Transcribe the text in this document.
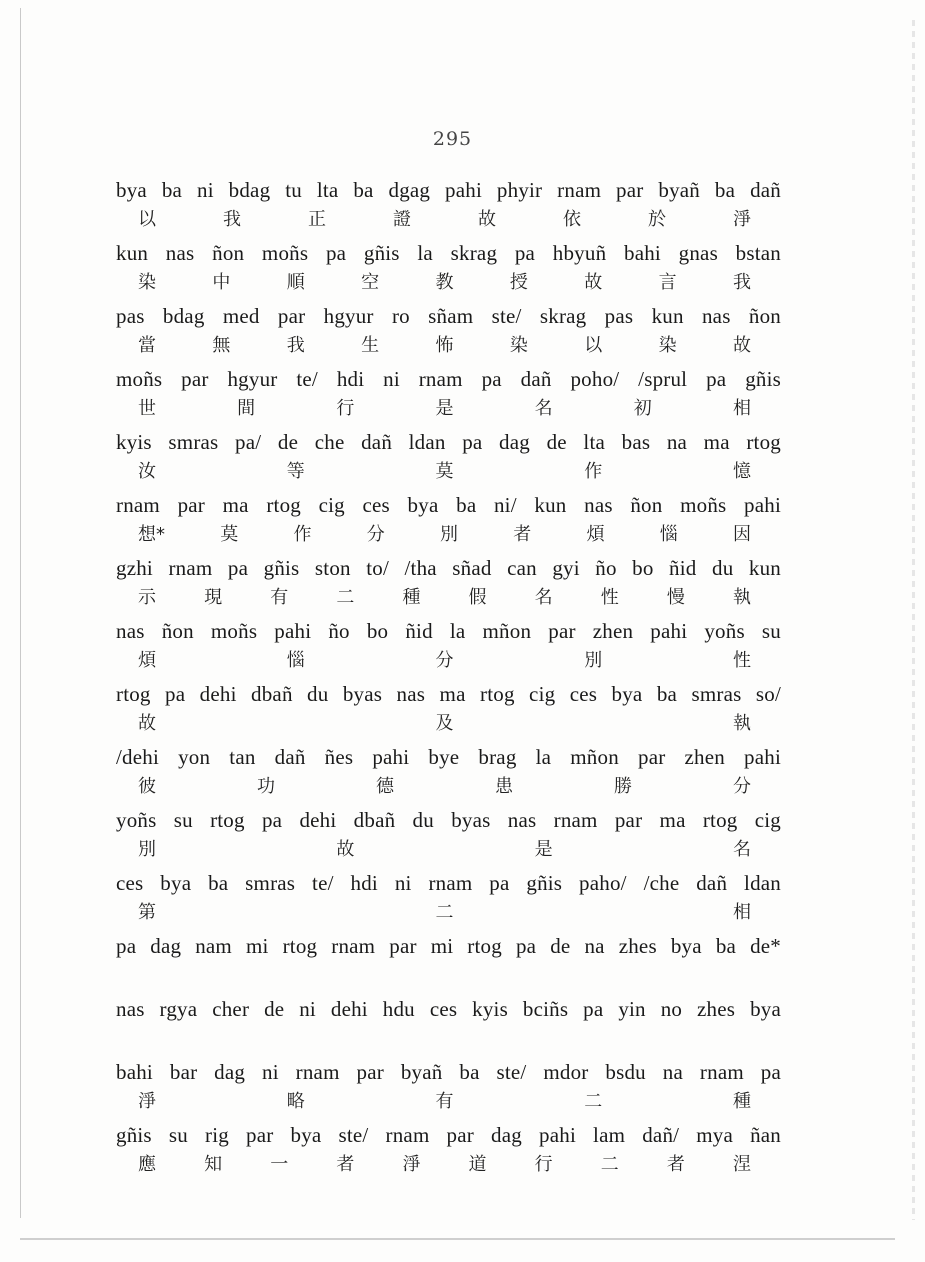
295
bya ba ni bdag tu lta ba dgag pahi phyir rnam par byañ ba dañ
以	我	正	證	故	依	於	淨
kun nas ñon moñs pa gñis la skrag pa hbyuñ bahi gnas bstan
染	中	順	空	教	授	故	言	我
pas bdag med par hgyur ro sñam ste/ skrag pas kun nas ñon
當	無	我	生	怖	染	以	染	故
moñs par hgyur te/ hdi ni rnam pa dañ poho/ /sprul pa gñis
世	間	行	是	名	初	相
kyis smras pa/ de che dañ ldan pa dag de lta bas na ma rtog
汝	等	莫	作	憶
rnam par ma rtog cig ces bya ba ni/ kun nas ñon moñs pahi
想*	莫	作	分	別	者	煩	惱	因
gzhi rnam pa gñis ston to/ /tha sñad can gyi ño bo ñid du kun
示	現	有	二	種	假	名	性	慢	執
nas ñon moñs pahi ño bo ñid la mñon par zhen pahi yoñs su
煩	惱	分	別	性
rtog pa dehi dbañ du byas nas ma rtog cig ces bya ba smras so/
故	及	執
/dehi yon tan dañ ñes pahi bye brag la mñon par zhen pahi
彼	功	德	患	勝	分
yoñs su rtog pa dehi dbañ du byas nas rnam par ma rtog cig
別	故	是	名
ces bya ba smras te/ hdi ni rnam pa gñis paho/ /che dañ ldan
第	二	相
pa dag nam mi rtog rnam par mi rtog pa de na zhes bya ba de*
nas rgya cher de ni dehi hdu ces kyis bciñs pa yin no zhes bya
bahi bar dag ni rnam par byañ ba ste/ mdor bsdu na rnam pa
淨	略	有	二	種
gñis su rig par bya ste/ rnam par dag pahi lam dañ/ mya ñan
應	知	一	者	淨	道	行	二	者	涅
